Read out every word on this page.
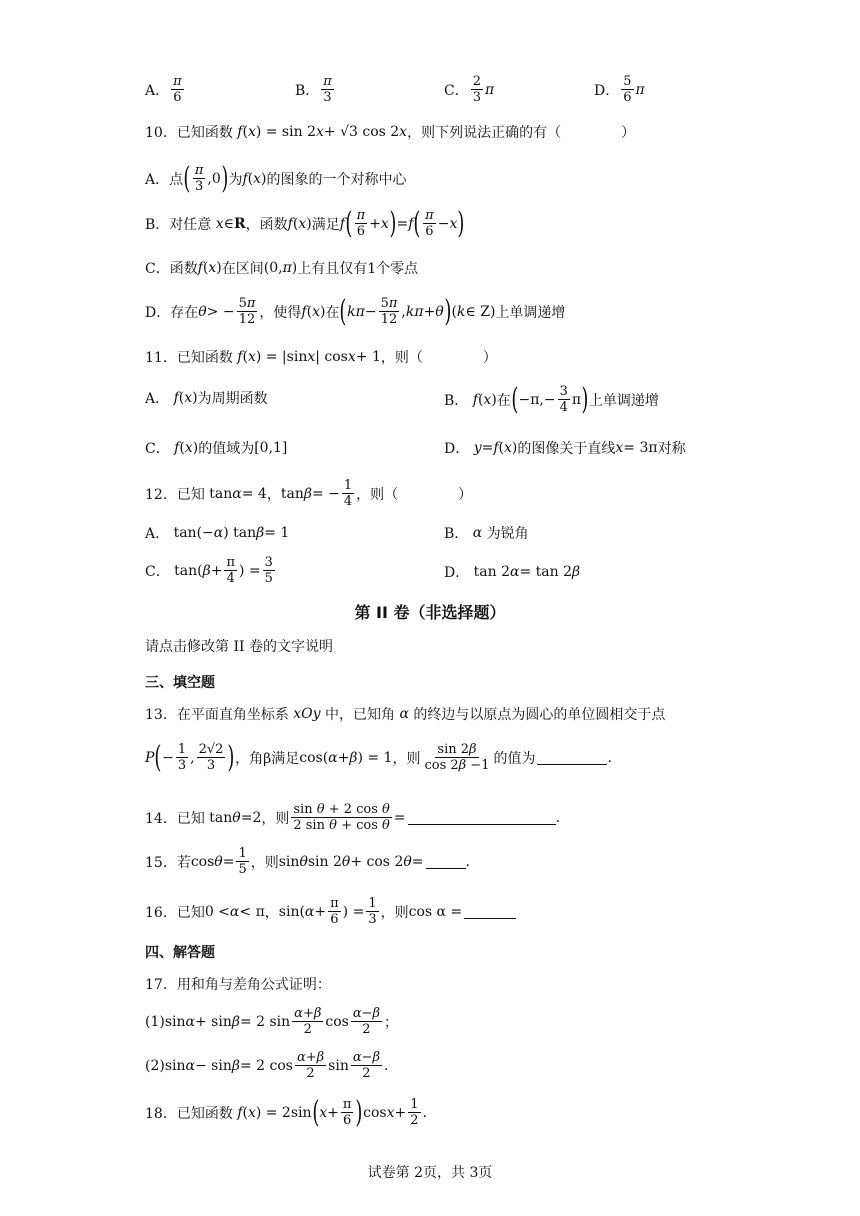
A． $\frac{\pi}{6}$	B． $\frac{\pi}{3}$	C． $\frac{2}{3}$ π	D． $\frac{5}{6}$ π
10．已知函数
f ( x ) = sin 2 x + √3 cos 2 x ，则下列说法正确的有（	）
A．点 ( $\frac{\pi}{3} ,0$ ) 为 f ( x ) 的图象的一个对称中心
B．对任意
x ∈ R ，函数 f ( x ) 满足 f ( $\frac{\pi}{6} + x$ ) = f ( $\frac{\pi}{6} - x$ )
C．函数 f ( x ) 在区间 (0, π ) 上有且仅有1个零点
D．存在 θ > − $\frac{5\pi}{12}$ ，使得 f ( x ) 在 ( $k\pi - \frac{5\pi}{12}$ , kπ + θ ) ( k ∈ Z) 上单调递增
11．已知函数
f ( x ) = |sin x | cos x + 1 ，则（	）
A．
f ( x ) 为周期函数	B．
f ( x ) 在 ( $-\pi,- \frac{3}{4}$ π ) 上单调递增
C．
f ( x ) 的值域为 [0,1]	D．
y = f ( x ) 的图像关于直线 x = 3π 对称
12．已知 tan α = 4 ， tan β = − $\frac{1}{4}$ ，则（	）
A． tan(− α ) tan β = 1	B．
α
为锐角
C． tan( $\beta + \frac{\pi}{4}$ ) = $\frac{3}{5}$	D． tan 2 α = tan 2 β
第 II 卷（非选择题）
请点击修改第 II 卷的文字说明
三、填空题
13．在平面直角坐标系
xOy
中，已知角
α
的终边与以原点为圆心的单位圆相交于点
P ( − $\frac{1}{3}$ , $\frac{2√2}{3}$ ) ，角β满足 cos( α + β ) = 1 ，则 $\frac{\sin 2\beta}{\cos 2\beta -1}$ 的值为	.
14．已知 tan θ =2 ，则 $\frac{\text{sin θ + 2 cos θ}}{\text{2 sin θ + cos θ}}$ =	.
15．若 $\cos \theta = \frac{1}{5}$ ，则 sin θ sin 2 θ + cos 2 θ =	.
16．已知 0 < α < π ， sin( $\alpha + \frac{\pi}{6}$ ) = $\frac{1}{3}$ ，则 cos α =
四、解答题
17．用和角与差角公式证明：
(1) sin α + sin β = 2 $\sin \frac{\alpha+\beta}{2}$ $\cos \frac{\alpha-\beta}{2}$ ；
(2) sin α − sin β = 2 $\cos \frac{\alpha+\beta}{2}$ $\sin \frac{\alpha-\beta}{2}$ .
18．已知函数
f ( x ) = 2sin ( $x + \frac{\pi}{6}$ ) $\cos x + \frac{1}{2}$ .
试卷第 2页，共 3页
